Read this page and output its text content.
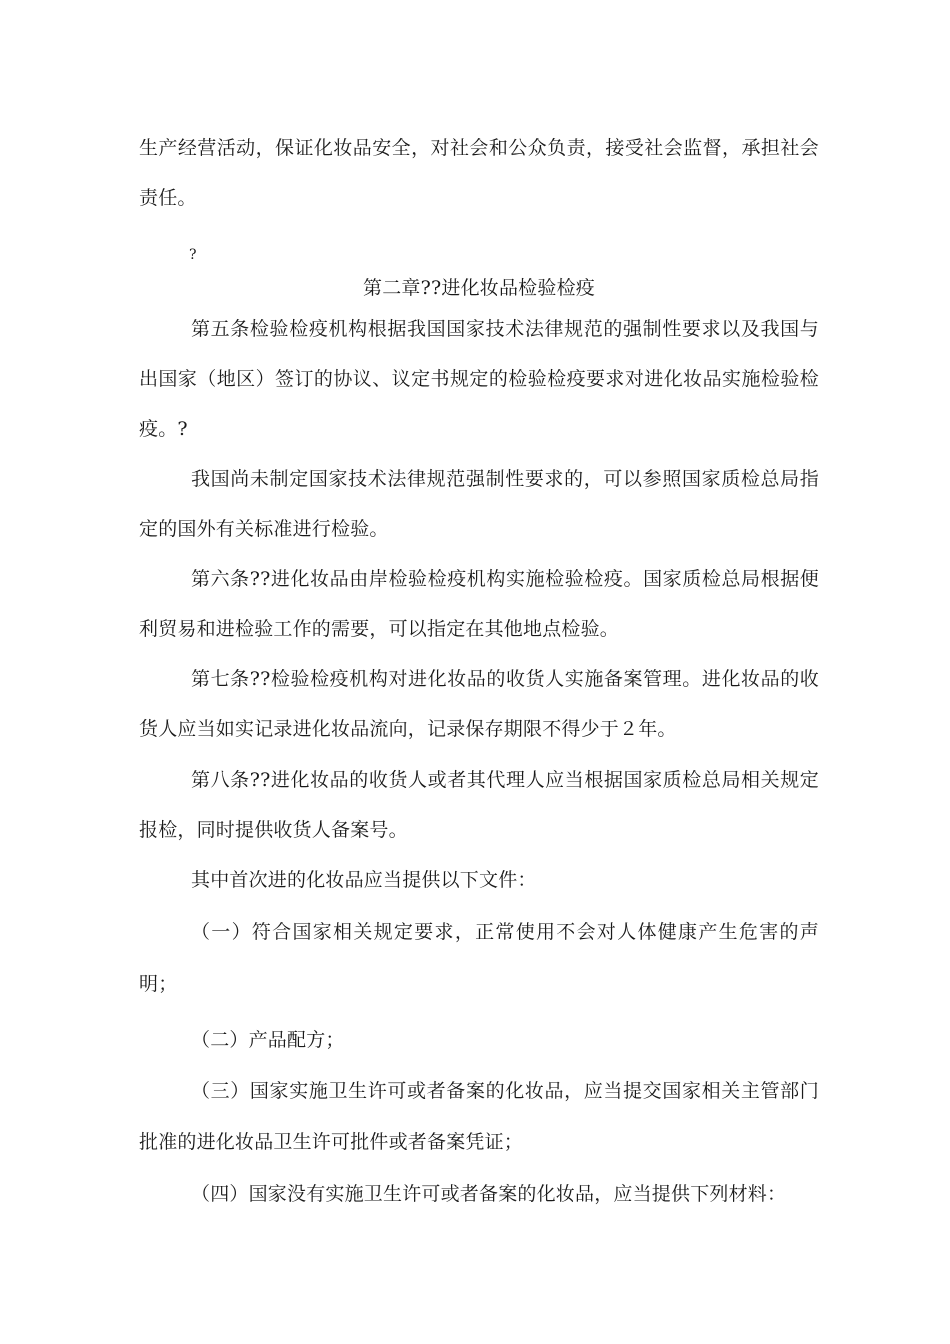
生产经营活动，保证化妆品安全，对社会和公众负责，接受社会监督，承担社会
责任。
?
第二章??进化妆品检验检疫
第五条检验检疫机构根据我国国家技术法律规范的强制性要求以及我国与
出国家（地区）签订的协议、议定书规定的检验检疫要求对进化妆品实施检验检
疫。?
我国尚未制定国家技术法律规范强制性要求的，可以参照国家质检总局指
定的国外有关标准进行检验。
第六条??进化妆品由岸检验检疫机构实施检验检疫。国家质检总局根据便
利贸易和进检验工作的需要，可以指定在其他地点检验。
第七条??检验检疫机构对进化妆品的收货人实施备案管理。进化妆品的收
货人应当如实记录进化妆品流向，记录保存期限不得少于２年。
第八条??进化妆品的收货人或者其代理人应当根据国家质检总局相关规定
报检，同时提供收货人备案号。
其中首次进的化妆品应当提供以下文件：
（一）符合国家相关规定要求，正常使用不会对人体健康产生危害的声
明；
（二）产品配方；
（三）国家实施卫生许可或者备案的化妆品，应当提交国家相关主管部门
批准的进化妆品卫生许可批件或者备案凭证；
（四）国家没有实施卫生许可或者备案的化妆品，应当提供下列材料：
